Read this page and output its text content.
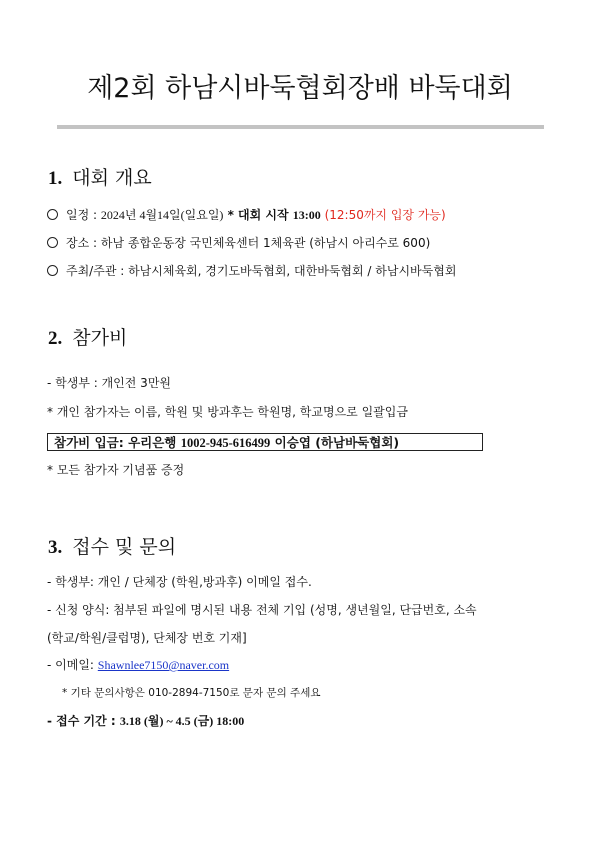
제2회 하남시바둑협회장배 바둑대회
1. 대회 개요
일정 : 2024년 4월14일(일요일) * 대회 시작 13:00 (12:50까지 입장 가능)
장소 : 하남 종합운동장 국민체육센터 1체육관 (하남시 아리수로 600)
주최/주관 : 하남시체육회, 경기도바둑협회, 대한바둑협회 / 하남시바둑협회
2. 참가비
- 학생부 : 개인전 3만원
* 개인 참가자는 이름, 학원 및 방과후는 학원명, 학교명으로 일괄입금
참가비 입금: 우리은행 1002-945-616499 이승엽 (하남바둑협회)
* 모든 참가자 기념품 증정
3. 접수 및 문의
- 학생부: 개인 / 단체장 (학원,방과후) 이메일 접수.
- 신청 양식: 첨부된 파일에 명시된 내용 전체 기입 (성명, 생년월일, 단급번호, 소속
(학교/학원/클럽명), 단체장 번호 기재]
- 이메일: Shawnlee7150@naver.com
* 기타 문의사항은 010-2894-7150로 문자 문의 주세요
- 접수 기간 : 3.18 (월) ~ 4.5 (금) 18:00
